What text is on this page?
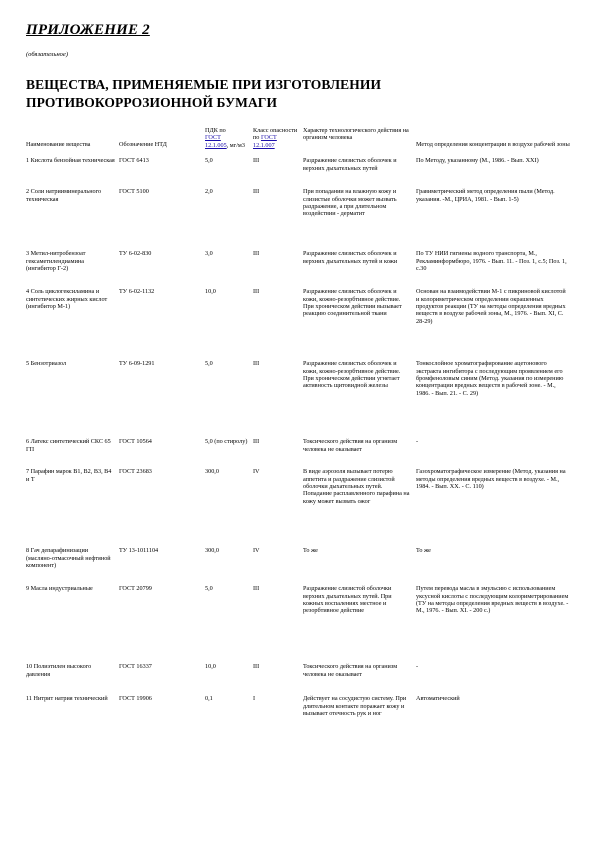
ПРИЛОЖЕНИЕ 2
(обязательное)
ВЕЩЕСТВА, ПРИМЕНЯЕМЫЕ ПРИ ИЗГОТОВЛЕНИИ ПРОТИВОКОРРОЗИОННОЙ БУМАГИ
Наименование вещества	Обозначение НТД	ПДК по
ГОСТ
12.1.005, мг/м3	Класс опасности по ГОСТ
12.1.007	Характер технологического действия на организм человека	Метод определения концентрации в воздухе рабочей зоны
1 Кислота бензойная техническая	ГОСТ 6413	5,0	III	Раздражение слизистых оболочек и верхних дыхательных путей	По Методу, указанному (М., 1986. - Вып. XXI)
2 Соли натрииминерального техническая	ГОСТ 5100	2,0	III	При попадании на влажную кожу и слизистые оболочки может вызвать раздражение, а при длительном воздействии - дерматит	Гравиметрический метод определения пыли (Метод. указания. -М., ЦРИА, 1981. - Вып. 1-5)
3 Метил-нитробензоат гексаметилендиамина (ингибитор Г-2)	ТУ 6-02-830	3,0	III	Раздражение слизистых оболочек и верхних дыхательных путей и кожи	По ТУ НИИ гигиены водного транспорта, М., Рекламинформбюро, 1976. - Вып. 11. - Поз. 1, с.5; Поз. 1, с.30
4 Соль циклогексиламина и синтетических жирных кислот (ингибитор М-1)	ТУ 6-02-1132	10,0	III	Раздражение слизистых оболочек и кожи, кожно-резорбтивное действие. При хроническом действии вызывает реакцию соединительной ткани	Основан на взаимодействии М-1 с пикриновой кислотой и колориметрическом определении окрашенных продуктов реакции (ТУ на методы определения вредных веществ в воздухе рабочей зоны, М., 1976. - Вып. XI, С. 28-29)
5 Бензотриазол	ТУ 6-09-1291	5,0	III	Раздражение слизистых оболочек и кожи, кожно-резорбтивное действие. При хроническом действии угнетает активность щитовидной железы	Тонкослойное хроматографирование ацетонового экстракта ингибитора с последующим проявлением его бромфеноловым синим (Метод. указания по измерению концентрации вредных веществ в рабочей зоне. - М., 1986. - Вып. 21. - С. 29)
6 Латекс синтетический СКС 65 ГП	ГОСТ 10564	5,0 (по стиролу)	III	Токсического действия на организм человека не оказывает	-
7 Парафин марок В1, В2, В3, В4 и Т	ГОСТ 23683	300,0	IV	В виде аэрозоля вызывает потерю аппетита и раздражение слизистой оболочки дыхательных путей. Попадание расплавленного парафина на кожу может вызвать ожог	Газохроматографическое измерение (Метод. указания на методы определения вредных веществ в воздухе. - М., 1984. - Вып. XX. - С. 110)
8 Гач депарафинизации (масляно-отмасочный нефтяной компонент)	ТУ 13-1011104	300,0	IV	То же	То же
9 Масла индустриальные	ГОСТ 20799	5,0	III	Раздражение слизистой оболочки верхних дыхательных путей. При кожных воспалениях местное и резорбтивное действие	Путем перевода масла в эмульсию с использованием уксусной кислоты с последующим колориметрированием (ТУ на методы определения вредных веществ в воздухе. - М., 1976. - Вып. XI. - 200 с.)
10 Полиэтилен высокого давления	ГОСТ 16337	10,0	III	Токсического действия на организм человека не оказывает	-
11 Нитрит натрия технический	ГОСТ 19906	0,1	I	Действует на сосудистую систему. При длительном контакте поражает кожу и вызывает отечность рук и ног	Автоматический
